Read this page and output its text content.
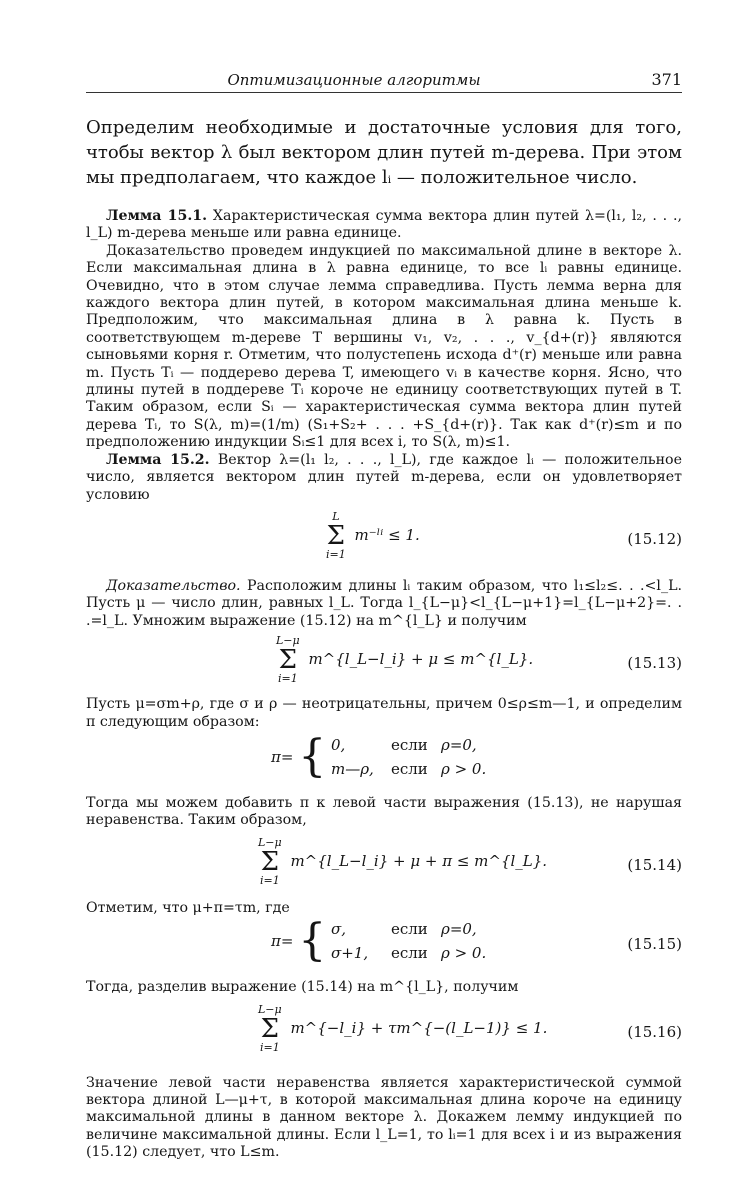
Оптимизационные алгоритмы	371

Определим необходимые и достаточные условия для того, чтобы вектор λ был вектором длин путей m-дерева. При этом мы предполагаем, что каждое lᵢ — положительное число.

Лемма 15.1. Характеристическая сумма вектора длин путей λ=(l₁, l₂, . . ., l_L) m-дерева меньше или равна единице.

Доказательство проведем индукцией по максимальной длине в векторе λ. Если максимальная длина в λ равна единице, то все lᵢ равны единице. Очевидно, что в этом случае лемма справедлива. Пусть лемма верна для каждого вектора длин путей, в котором максимальная длина меньше k. Предположим, что максимальная длина в λ равна k. Пусть в соответствующем m-дереве T вершины v₁, v₂, . . ., v_{d+(r)} являются сыновьями корня r. Отметим, что полустепень исхода d⁺(r) меньше или равна m. Пусть Tᵢ — поддерево дерева T, имеющего vᵢ в качестве корня. Ясно, что длины путей в поддереве Tᵢ короче не единицу соответствующих путей в T. Таким образом, если Sᵢ — характеристическая сумма вектора длин путей дерева Tᵢ, то S(λ, m)=(1/m) (S₁+S₂+ . . . +S_{d+(r)}. Так как d⁺(r)≤m и по предположению индукции Sᵢ≤1 для всех i, то S(λ, m)≤1.

Лемма 15.2. Вектор λ=(l₁ l₂, . . ., l_L), где каждое lᵢ — положительное число, является вектором длин путей m-дерева, если он удовлетворяет условию

L
Σ
i=1
m⁻ˡⁱ ≤ 1.	(15.12)

Доказательство. Расположим длины lᵢ таким образом, что l₁≤l₂≤. . .<l_L. Пусть μ — число длин, равных l_L. Тогда l_{L−μ}<l_{L−μ+1}=l_{L−μ+2}=. . .=l_L. Умножим выражение (15.12) на m^{l_L} и получим

L−μ
Σ
i=1
m^{l_L−l_i} + μ ≤ m^{l_L}.	(15.13)

Пусть μ=σm+ρ, где σ и ρ — неотрицательны, причем 0≤ρ≤m—1, и определим π следующим образом:

π= { 0,	если ρ=0,
m—ρ, если ρ > 0.

Тогда мы можем добавить π к левой части выражения (15.13), не нарушая неравенства. Таким образом,

L−μ
Σ
i=1
m^{l_L−l_i} + μ + π ≤ m^{l_L}.	(15.14)

Отметим, что μ+π=τm, где

π= { σ,	если ρ=0,
σ+1, если ρ > 0.	(15.15)

Тогда, разделив выражение (15.14) на m^{l_L}, получим

L−μ
Σ
i=1
m^{−l_i} + τm^{−(l_L−1)} ≤ 1.	(15.16)

Значение левой части неравенства является характеристической суммой вектора длиной L—μ+τ, в которой максимальная длина короче на единицу максимальной длины в данном векторе λ. Докажем лемму индукцией по величине максимальной длины. Если l_L=1, то lᵢ=1 для всех i и из выражения (15.12) следует, что L≤m.
